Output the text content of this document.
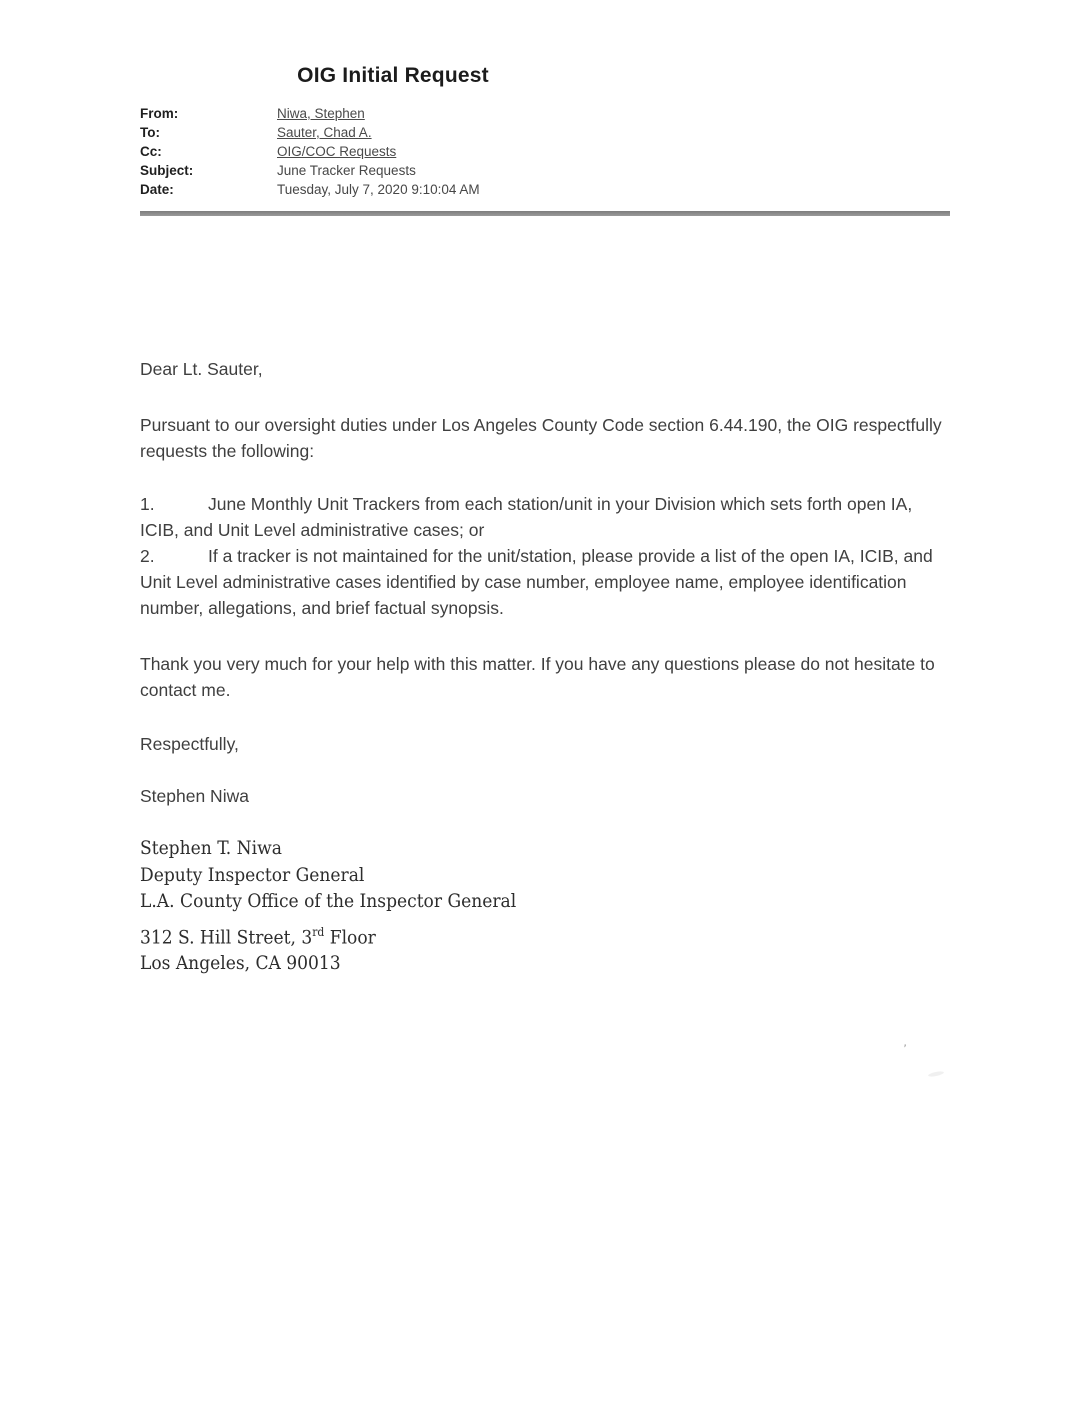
OIG Initial Request
From:	Niwa, Stephen
To:	Sauter, Chad A.
Cc:	OIG/COC Requests
Subject:	June Tracker Requests
Date:	Tuesday, July 7, 2020 9:10:04 AM

Dear Lt. Sauter,

Pursuant to our oversight duties under Los Angeles County Code section 6.44.190, the OIG respectfully requests the following:

1.	June Monthly Unit Trackers from each station/unit in your Division which sets forth open IA, ICIB, and Unit Level administrative cases; or

2.	If a tracker is not maintained for the unit/station, please provide a list of the open IA, ICIB, and Unit Level administrative cases identified by case number, employee name, employee identification number, allegations, and brief factual synopsis.

Thank you very much for your help with this matter. If you have any questions please do not hesitate to contact me.

Respectfully,

Stephen Niwa

Stephen T. Niwa
Deputy Inspector General
L.A. County Office of the Inspector General
312 S. Hill Street, 3rd Floor
Los Angeles, CA 90013
’
